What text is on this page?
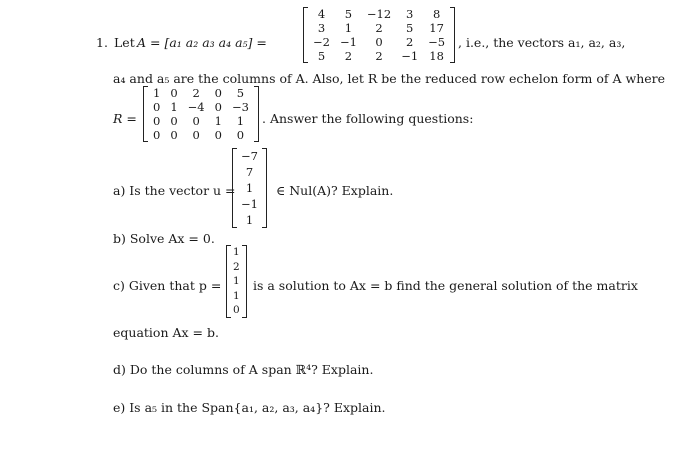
1. Let A = [a₁ a₂ a₃ a₄ a₅] =
4	5	−12	3	8
3	1	2	5	17
−2	−1	0	2	−5
5	2	2	−1	18
, i.e., the vectors a₁, a₂, a₃,
a₄ and a₅ are the columns of A. Also, let R be the reduced row echelon form of A where
R =
1	0	2	0	5
0	1	−4	0	−3
0	0	0	1	1
0	0	0	0	0
. Answer the following questions:
a) Is the vector u =
−7
7
1
−1
1
∈ Nul(A)? Explain.
b) Solve Ax = 0.
c) Given that p =
1
2
1
1
0
is a solution to Ax = b find the general solution of the matrix
equation Ax = b.
d) Do the columns of A span ℝ⁴? Explain.
e) Is a₅ in the Span{a₁, a₂, a₃, a₄}? Explain.
